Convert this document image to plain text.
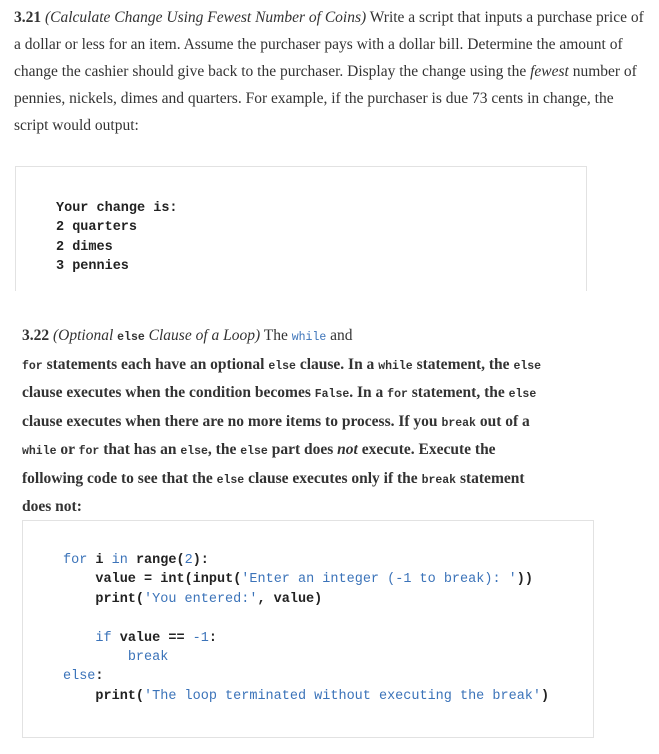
3.21 (Calculate Change Using Fewest Number of Coins) Write a script that inputs a purchase price of a dollar or less for an item. Assume the purchaser pays with a dollar bill. Determine the amount of change the cashier should give back to the purchaser. Display the change using the fewest number of pennies, nickels, dimes and quarters. For example, if the purchaser is due 73 cents in change, the script would output:

Your change is:
2 quarters
2 dimes
3 pennies
3.22 (Optional else Clause of a Loop) The while and
for statements each have an optional else clause. In a while statement, the else
clause executes when the condition becomes False. In a for statement, the else
clause executes when there are no more items to process. If you break out of a
while or for that has an else, the else part does not execute. Execute the
following code to see that the else clause executes only if the break statement
does not:
for i in range(2):
value = int(input('Enter an integer (-1 to break): '))
print('You entered:', value)

if value == -1:
break
else:
print('The loop terminated without executing the break')
